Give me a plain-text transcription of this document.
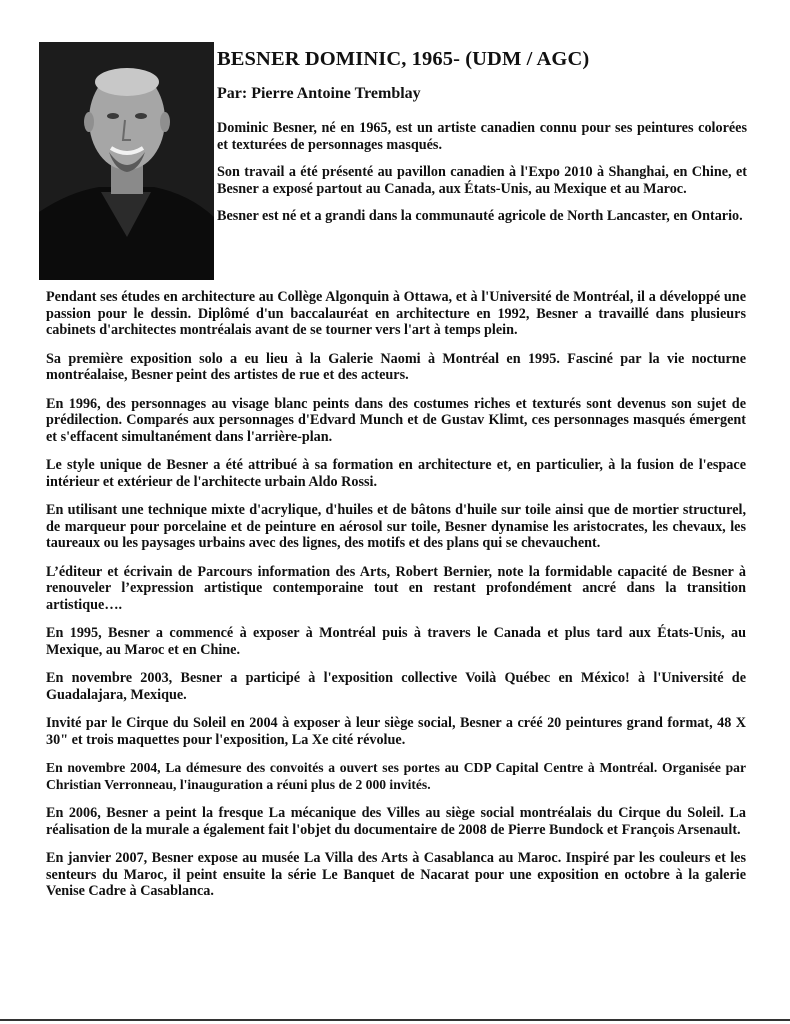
BESNER DOMINIC, 1965- (UDM / AGC)
Par: Pierre Antoine Tremblay

Dominic Besner, né en 1965, est un artiste canadien connu pour ses peintures colorées et texturées de personnages masqués.

Son travail a été présenté au pavillon canadien à l'Expo 2010 à Shanghai, en Chine, et Besner a exposé partout au Canada, aux États-Unis, au Mexique et au Maroc.

Besner est né et a grandi dans la communauté agricole de North Lancaster, en Ontario.

Pendant ses études en architecture au Collège Algonquin à Ottawa, et à l'Université de Montréal, il a développé une passion pour le dessin. Diplômé d'un baccalauréat en architecture en 1992, Besner a travaillé dans plusieurs cabinets d'architectes montréalais avant de se tourner vers l'art à temps plein.

Sa première exposition solo a eu lieu à la Galerie Naomi à Montréal en 1995. Fasciné par la vie nocturne montréalaise, Besner peint des artistes de rue et des acteurs.

En 1996, des personnages au visage blanc peints dans des costumes riches et texturés sont devenus son sujet de prédilection. Comparés aux personnages d'Edvard Munch et de Gustav Klimt, ces personnages masqués émergent et s'effacent simultanément dans l'arrière-plan.

Le style unique de Besner a été attribué à sa formation en architecture et, en particulier, à la fusion de l'espace intérieur et extérieur de l'architecte urbain Aldo Rossi.

En utilisant une technique mixte d'acrylique, d'huiles et de bâtons d'huile sur toile ainsi que de mortier structurel, de marqueur pour porcelaine et de peinture en aérosol sur toile, Besner dynamise les aristocrates, les chevaux, les taureaux ou les paysages urbains avec des lignes, des motifs et des plans qui se chevauchent.

L’éditeur et écrivain de Parcours information des Arts, Robert Bernier, note la formidable capacité de Besner à renouveler l’expression artistique contemporaine tout en restant profondément ancré dans la transition artistique….

En 1995, Besner a commencé à exposer à Montréal puis à travers le Canada et plus tard aux États-Unis, au Mexique, au Maroc et en Chine.

En novembre 2003, Besner a participé à l'exposition collective Voilà Québec en México! à l'Université de Guadalajara, Mexique.

Invité par le Cirque du Soleil en 2004 à exposer à leur siège social, Besner a créé 20 peintures grand format, 48 X 30" et trois maquettes pour l'exposition, La Xe cité révolue.

En novembre 2004, La démesure des convoités a ouvert ses portes au CDP Capital Centre à Montréal. Organisée par Christian Verronneau, l'inauguration a réuni plus de 2 000 invités.

En 2006, Besner a peint la fresque La mécanique des Villes au siège social montréalais du Cirque du Soleil. La réalisation de la murale a également fait l'objet du documentaire de 2008 de Pierre Bundock et François Arsenault.

En janvier 2007, Besner expose au musée La Villa des Arts à Casablanca au Maroc. Inspiré par les couleurs et les senteurs du Maroc, il peint ensuite la série Le Banquet de Nacarat pour une exposition en octobre à la galerie Venise Cadre à Casablanca.
